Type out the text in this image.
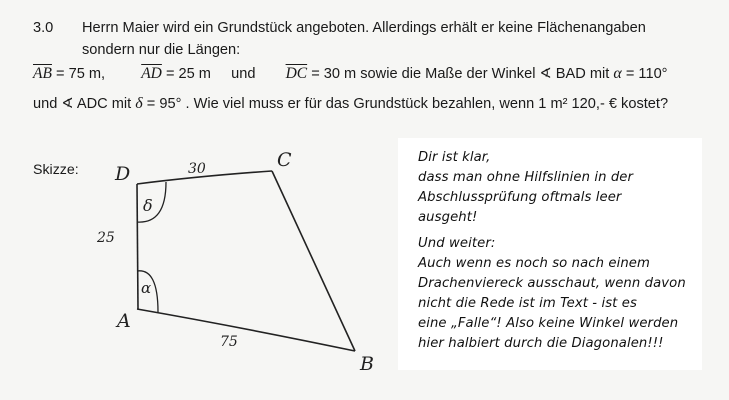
3.0 Herrn Maier wird ein Grundstück angeboten. Allerdings erhält er keine Flächenangaben
sondern nur die Längen:
$\overline{AB} = 75$ m, $\overline{AD} = 25$ m und $\overline{DC} = 30$ m sowie die Maße der Winkel ∢ BAD mit α = 110°
und ∢ ADC mit δ = 95° . Wie viel muss er für das Grundstück bezahlen, wenn 1 m² 120,- € kostet?
Skizze: D
C
A
B
30
25
75
δ
α
Dir ist klar,
dass man ohne Hilfslinien in der
Abschlussprüfung oftmals leer
ausgeht!
Und weiter:
Auch wenn es noch so nach einem
Drachenviereck ausschaut, wenn davon
nicht die Rede ist im Text - ist es
eine „Falle“! Also keine Winkel werden
hier halbiert durch die Diagonalen!!!
